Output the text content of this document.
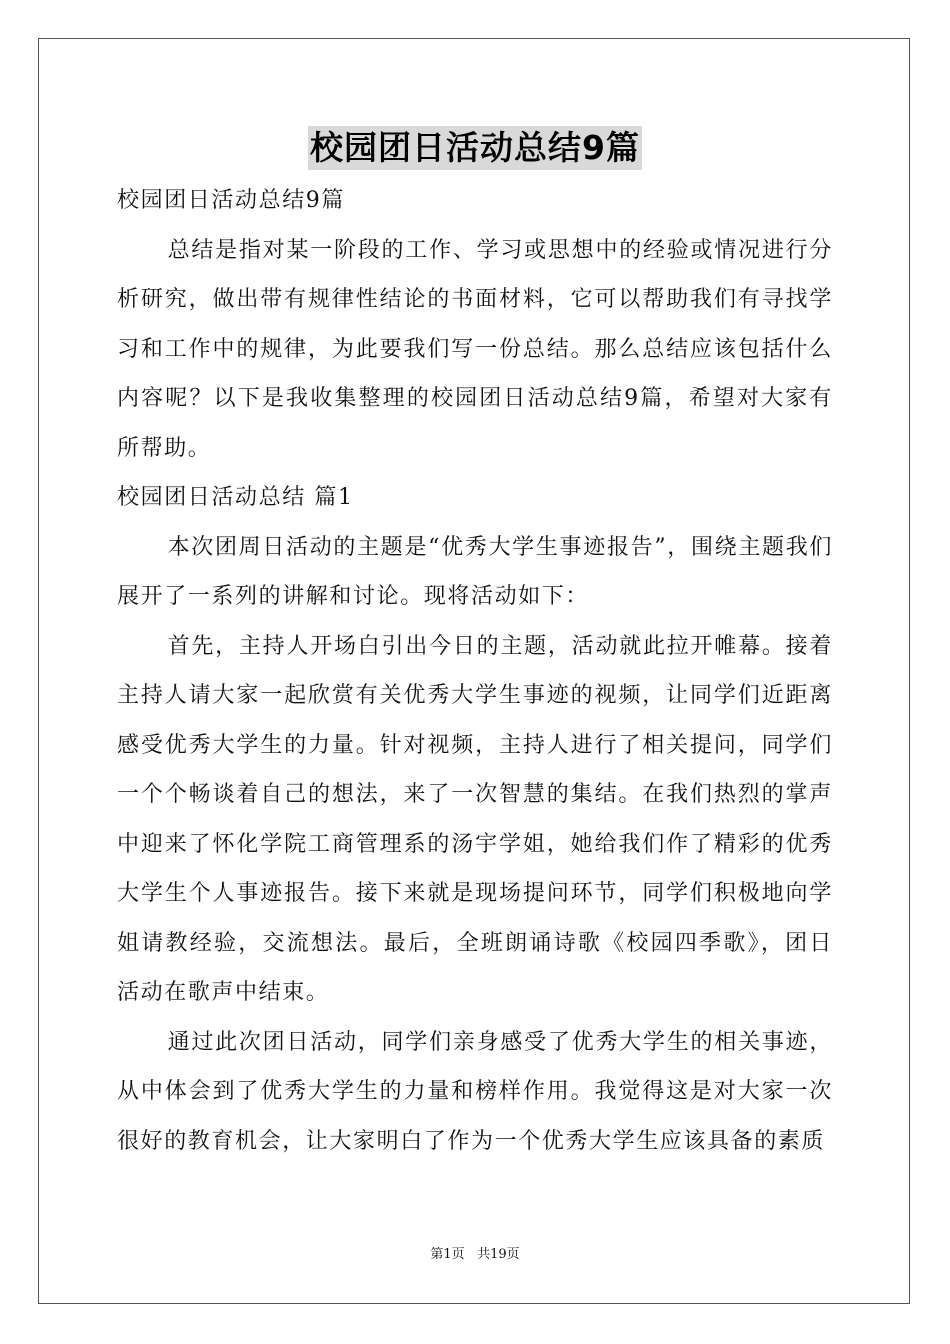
校园团日活动总结9篇

校园团日活动总结9篇

总结是指对某一阶段的工作、学习或思想中的经验或情况进行分析研究，做出带有规律性结论的书面材料，它可以帮助我们有寻找学习和工作中的规律，为此要我们写一份总结。那么总结应该包括什么内容呢？以下是我收集整理的校园团日活动总结9篇，希望对大家有所帮助。

校园团日活动总结 篇1

本次团周日活动的主题是“优秀大学生事迹报告”，围绕主题我们展开了一系列的讲解和讨论。现将活动如下：

首先，主持人开场白引出今日的主题，活动就此拉开帷幕。接着主持人请大家一起欣赏有关优秀大学生事迹的视频，让同学们近距离感受优秀大学生的力量。针对视频，主持人进行了相关提问，同学们一个个畅谈着自己的想法，来了一次智慧的集结。在我们热烈的掌声中迎来了怀化学院工商管理系的汤宇学姐，她给我们作了精彩的优秀大学生个人事迹报告。接下来就是现场提问环节，同学们积极地向学姐请教经验，交流想法。最后，全班朗诵诗歌《校园四季歌》，团日活动在歌声中结束。

通过此次团日活动，同学们亲身感受了优秀大学生的相关事迹，从中体会到了优秀大学生的力量和榜样作用。我觉得这是对大家一次很好的教育机会，让大家明白了作为一个优秀大学生应该具备的素质

第1页 共19页
